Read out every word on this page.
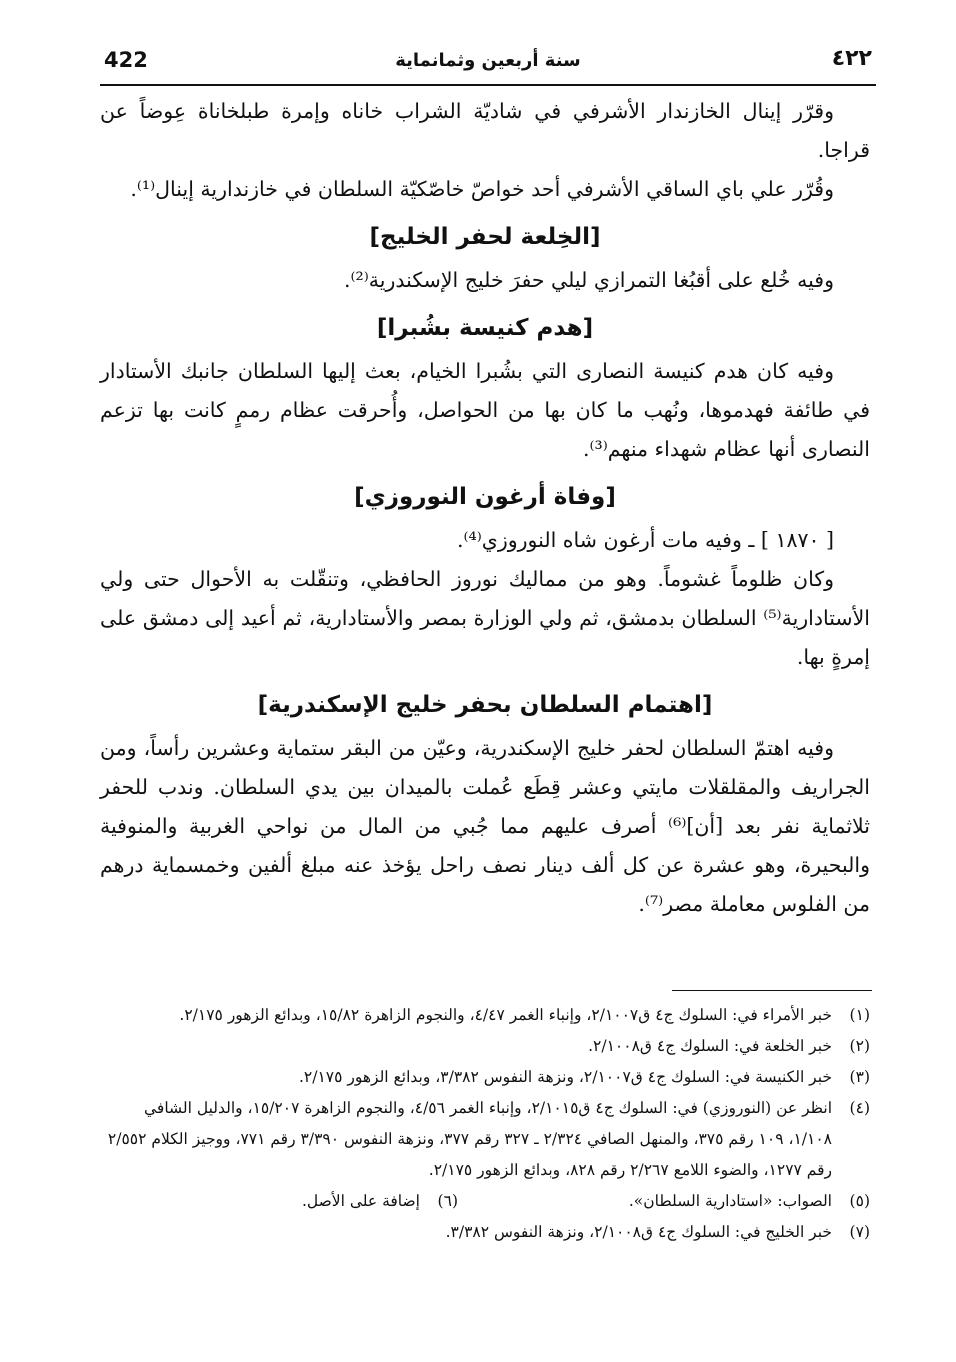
422	سنة أربعين وثمانماية	٤٢٢

وقرّر إينال الخازندار الأشرفي في شاديّة الشراب خاناه وإمرة طبلخاناة عِوضاً عن قراجا.

وقُرّر علي باي الساقي الأشرفي أحد خواصّ خاصّكيّة السلطان في خازندارية إينال⁽¹⁾.

[الخِلعة لحفر الخليج]

وفيه خُلع على أقبُغا التمرازي ليلي حفرَ خليج الإسكندرية⁽²⁾.

[هدم كنيسة بشُبرا]

وفيه كان هدم كنيسة النصارى التي بشُبرا الخيام، بعث إليها السلطان جانبك الأستادار في طائفة فهدموها، ونُهب ما كان بها من الحواصل، وأُحرقت عظام رممٍ كانت بها تزعم النصارى أنها عظام شهداء منهم⁽³⁾.

[وفاة أرغون النوروزي]

[ ١٨٧٠ ] ـ وفيه مات أرغون شاه النوروزي⁽⁴⁾.

وكان ظلوماً غشوماً. وهو من مماليك نوروز الحافظي، وتنقّلت به الأحوال حتى ولي الأستادارية⁽⁵⁾ السلطان بدمشق، ثم ولي الوزارة بمصر والأستادارية، ثم أعيد إلى دمشق على إمرةٍ بها.

[اهتمام السلطان بحفر خليج الإسكندرية]

وفيه اهتمّ السلطان لحفر خليج الإسكندرية، وعيّن من البقر ستماية وعشرين رأساً، ومن الجراريف والمقلقلات مايتي وعشر قِطَع عُملت بالميدان بين يدي السلطان. وندب للحفر ثلاثماية نفر بعد [أن]⁽⁶⁾ أصرف عليهم مما جُبي من المال من نواحي الغربية والمنوفية والبحيرة، وهو عشرة عن كل ألف دينار نصف راحل يؤخذ عنه مبلغ ألفين وخمسماية درهم من الفلوس معاملة مصر⁽⁷⁾.

(١)
خبر الأمراء في: السلوك ج٤ ق٢/١٠٠٧، وإنباء الغمر ٤/٤٧، والنجوم الزاهرة ١٥/٨٢، وبدائع الزهور ٢/١٧٥.

(٢)
خبر الخلعة في: السلوك ج٤ ق٢/١٠٠٨.

(٣)
خبر الكنيسة في: السلوك ج٤ ق٢/١٠٠٧، ونزهة النفوس ٣/٣٨٢، وبدائع الزهور ٢/١٧٥.

(٤)
انظر عن (النوروزي) في: السلوك ج٤ ق٢/١٠١٥، وإنباء الغمر ٤/٥٦، والنجوم الزاهرة ١٥/٢٠٧، والدليل الشافي ١/١٠٨، ١٠٩ رقم ٣٧٥، والمنهل الصافي ٢/٣٢٤ ـ ٣٢٧ رقم ٣٧٧، ونزهة النفوس ٣/٣٩٠ رقم ٧٧١، ووجيز الكلام ٢/٥٥٢ رقم ١٢٧٧، والضوء اللامع ٢/٢٦٧ رقم ٨٢٨، وبدائع الزهور ٢/١٧٥.

(٥)
الصواب: «استادارية السلطان».
(٦)
إضافة على الأصل.

(٧)
خبر الخليج في: السلوك ج٤ ق٢/١٠٠٨، ونزهة النفوس ٣/٣٨٢.
